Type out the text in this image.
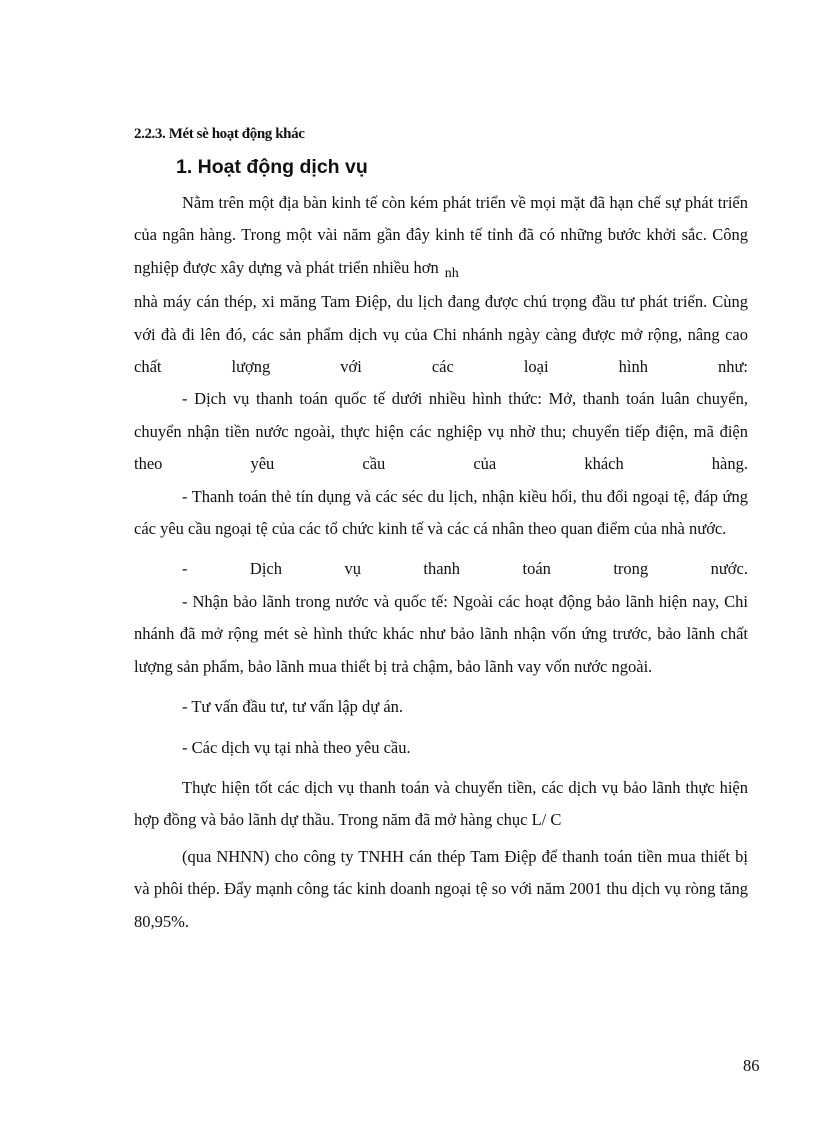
2.2.3. Mét sè hoạt động khác
1. Hoạt động dịch vụ

Nằm trên một địa bàn kinh tế còn kém phát triển về mọi mặt đã hạn chế sự phát triển của ngân hàng. Trong một vài năm gần đây kinh tế tỉnh đã có những bước khởi sắc. Công nghiệp được xây dựng và phát triển nhiều hơn $_{nh}$

nhà máy cán thép, xi măng Tam Điệp, du lịch đang được chú trọng đầu tư phát triển. Cùng với đà đi lên đó, các sản phẩm dịch vụ của Chi nhánh ngày càng được mở rộng, nâng cao chất lượng với các loại hình như:

- Dịch vụ thanh toán quốc tế dưới nhiều hình thức: Mở, thanh toán luân chuyển, chuyển nhận tiền nước ngoài, thực hiện các nghiệp vụ nhờ thu; chuyển tiếp điện, mã điện theo yêu cầu của khách hàng.

- Thanh toán thẻ tín dụng và các séc du lịch, nhận kiều hối, thu đổi ngoại tệ, đáp ứng các yêu cầu ngoại tệ của các tổ chức kinh tế và các cá nhân theo quan điểm của nhà nước.

- Dịch vụ thanh toán trong nước.

- Nhận bảo lãnh trong nước và quốc tế: Ngoài các hoạt động bảo lãnh hiện nay, Chi nhánh đã mở rộng mét sè hình thức khác như bảo lãnh nhận vốn ứng trước, bảo lãnh chất lượng sản phẩm, bảo lãnh mua thiết bị trả chậm, bảo lãnh vay vốn nước ngoài.

- Tư vấn đầu tư, tư vấn lập dự án.

- Các dịch vụ tại nhà theo yêu cầu.

Thực hiện tốt các dịch vụ thanh toán và chuyển tiền, các dịch vụ bảo lãnh thực hiện hợp đồng và bảo lãnh dự thầu. Trong năm đã mở hàng chục L/ C

(qua NHNN) cho công ty TNHH cán thép Tam Điệp để thanh toán tiền mua thiết bị và phôi thép. Đẩy mạnh công tác kinh doanh ngoại tệ so với năm 2001 thu dịch vụ ròng tăng 80,95%.

86
